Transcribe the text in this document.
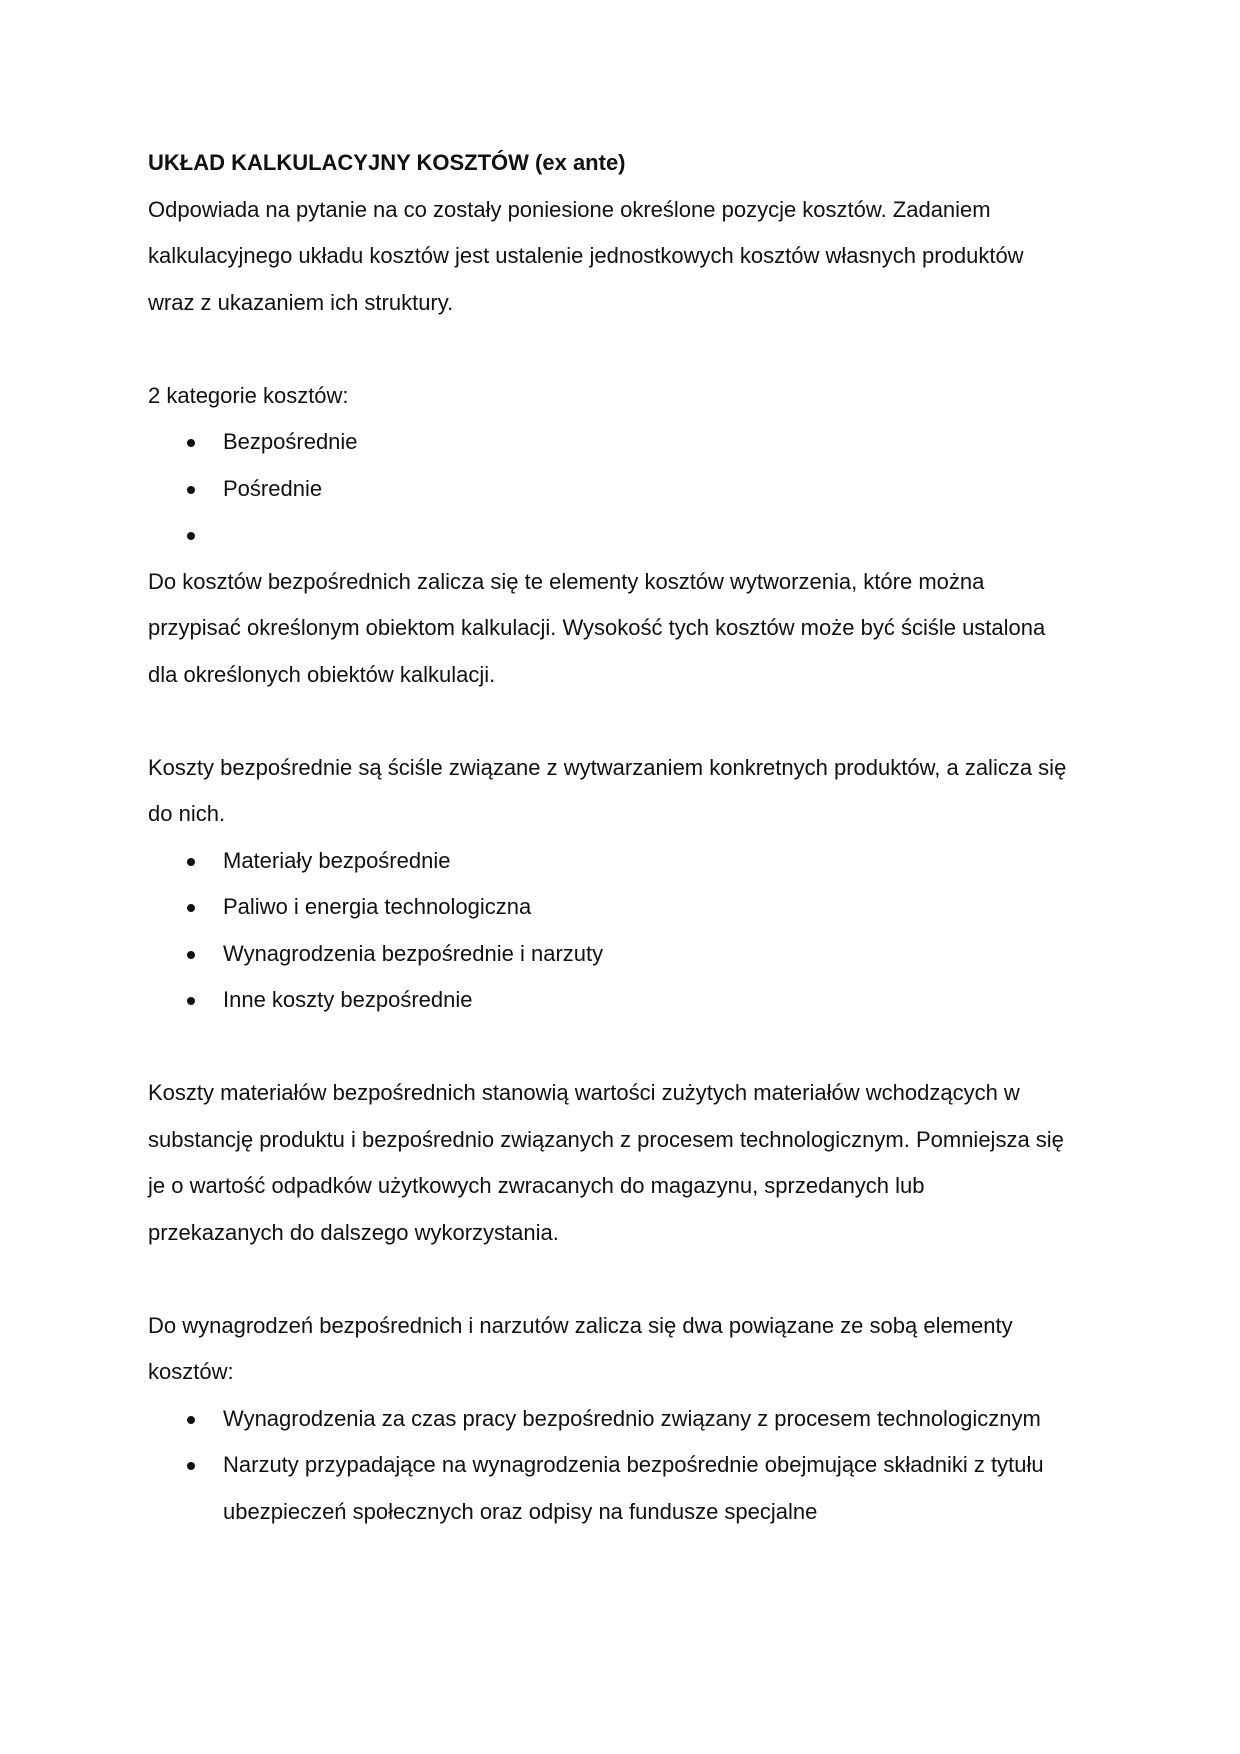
UKŁAD KALKULACYJNY KOSZTÓW (ex ante)

Odpowiada na pytanie na co zostały poniesione określone pozycje kosztów. Zadaniem
kalkulacyjnego układu kosztów jest ustalenie jednostkowych kosztów własnych produktów
wraz z ukazaniem ich struktury.

2 kategorie kosztów:

Bezpośrednie
Pośrednie
Do kosztów bezpośrednich zalicza się te elementy kosztów wytworzenia, które można
przypisać określonym obiektom kalkulacji. Wysokość tych kosztów może być ściśle ustalona
dla określonych obiektów kalkulacji.
Koszty bezpośrednie są ściśle związane z wytwarzaniem konkretnych produktów, a zalicza się
do nich.
Materiały bezpośrednie
Paliwo i energia technologiczna
Wynagrodzenia bezpośrednie i narzuty
Inne koszty bezpośrednie
Koszty materiałów bezpośrednich stanowią wartości zużytych materiałów wchodzących w
substancję produktu i bezpośrednio związanych z procesem technologicznym. Pomniejsza się
je o wartość odpadków użytkowych zwracanych do magazynu, sprzedanych lub
przekazanych do dalszego wykorzystania.
Do wynagrodzeń bezpośrednich i narzutów zalicza się dwa powiązane ze sobą elementy
kosztów:
Wynagrodzenia za czas pracy bezpośrednio związany z procesem technologicznym
Narzuty przypadające na wynagrodzenia bezpośrednie obejmujące składniki z tytułu
ubezpieczeń społecznych oraz odpisy na fundusze specjalne
